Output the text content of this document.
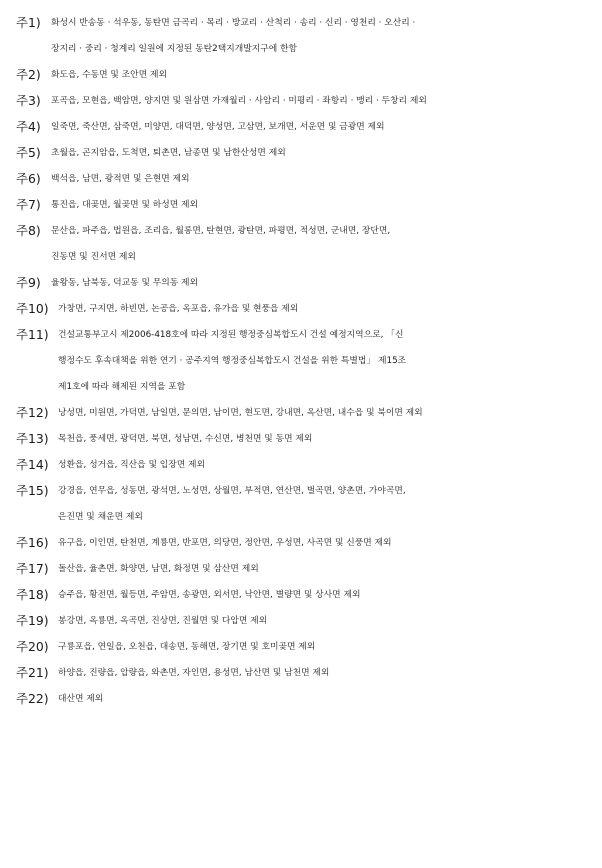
주1)	화성시 반송동 · 석우동, 동탄면 금곡리 · 목리 · 방교리 · 산척리 · 송리 · 신리 · 영천리 · 오산리 ·
장지리 · 중리 · 청계리 일원에 지정된 동탄2택지개발지구에 한함
주2)	화도읍, 수동면 및 조안면 제외
주3)	포곡읍, 모현읍, 백암면, 양지면 및 원삼면 가재월리 · 사암리 · 미평리 · 좌항리 · 맹리 · 두창리 제외
주4)	일죽면, 죽산면, 삼죽면, 미양면, 대덕면, 양성면, 고삼면, 보개면, 서운면 및 금광면 제외
주5)	초월읍, 곤지암읍, 도척면, 퇴촌면, 남종면 및 남한산성면 제외
주6)	백석읍, 남면, 광적면 및 은현면 제외
주7)	통진읍, 대곶면, 월곶면 및 하성면 제외
주8)	문산읍, 파주읍, 법원읍, 조리읍, 월롱면, 탄현면, 광탄면, 파평면, 적성면, 군내면, 장단면,
진동면 및 진서면 제외
주9)	율왕동, 남북동, 덕교동 및 무의동 제외
주10)	가창면, 구지면, 하빈면, 논공읍, 옥포읍, 유가읍 및 현풍읍 제외
주11)	건설교통부고시 제2006-418호에 따라 지정된 행정중심복합도시 건설 예정지역으로, 「신
행정수도 후속대책을 위한 연기 · 공주지역 행정중심복합도시 건설을 위한 특별법」 제15조
제1호에 따라 해제된 지역을 포함
주12)	낭성면, 미원면, 가덕면, 남일면, 문의면, 남이면, 현도면, 강내면, 옥산면, 내수읍 및 북이면 제외
주13)	목천읍, 풍세면, 광덕면, 북면, 성남면, 수신면, 병천면 및 동면 제외
주14)	성환읍, 성거읍, 직산읍 및 입장면 제외
주15)	강경읍, 연무읍, 성동면, 광석면, 노성면, 상월면, 부적면, 연산면, 벌곡면, 양촌면, 가야곡면,
은진면 및 채운면 제외
주16)	유구읍, 이인면, 탄천면, 계룡면, 반포면, 의당면, 정안면, 우성면, 사곡면 및 신풍면 제외
주17)	돌산읍, 율촌면, 화양면, 남면, 화정면 및 삼산면 제외
주18)	승주읍, 황전면, 월등면, 주암면, 송광면, 외서면, 낙안면, 별량면 및 상사면 제외
주19)	봉강면, 옥룡면, 옥곡면, 진상면, 진월면 및 다압면 제외
주20)	구룡포읍, 연일읍, 오천읍, 대송면, 동해면, 장기면 및 호미곶면 제외
주21)	하양읍, 진량읍, 압량읍, 와촌면, 자인면, 용성면, 남산면 및 남천면 제외
주22)	대산면 제외
